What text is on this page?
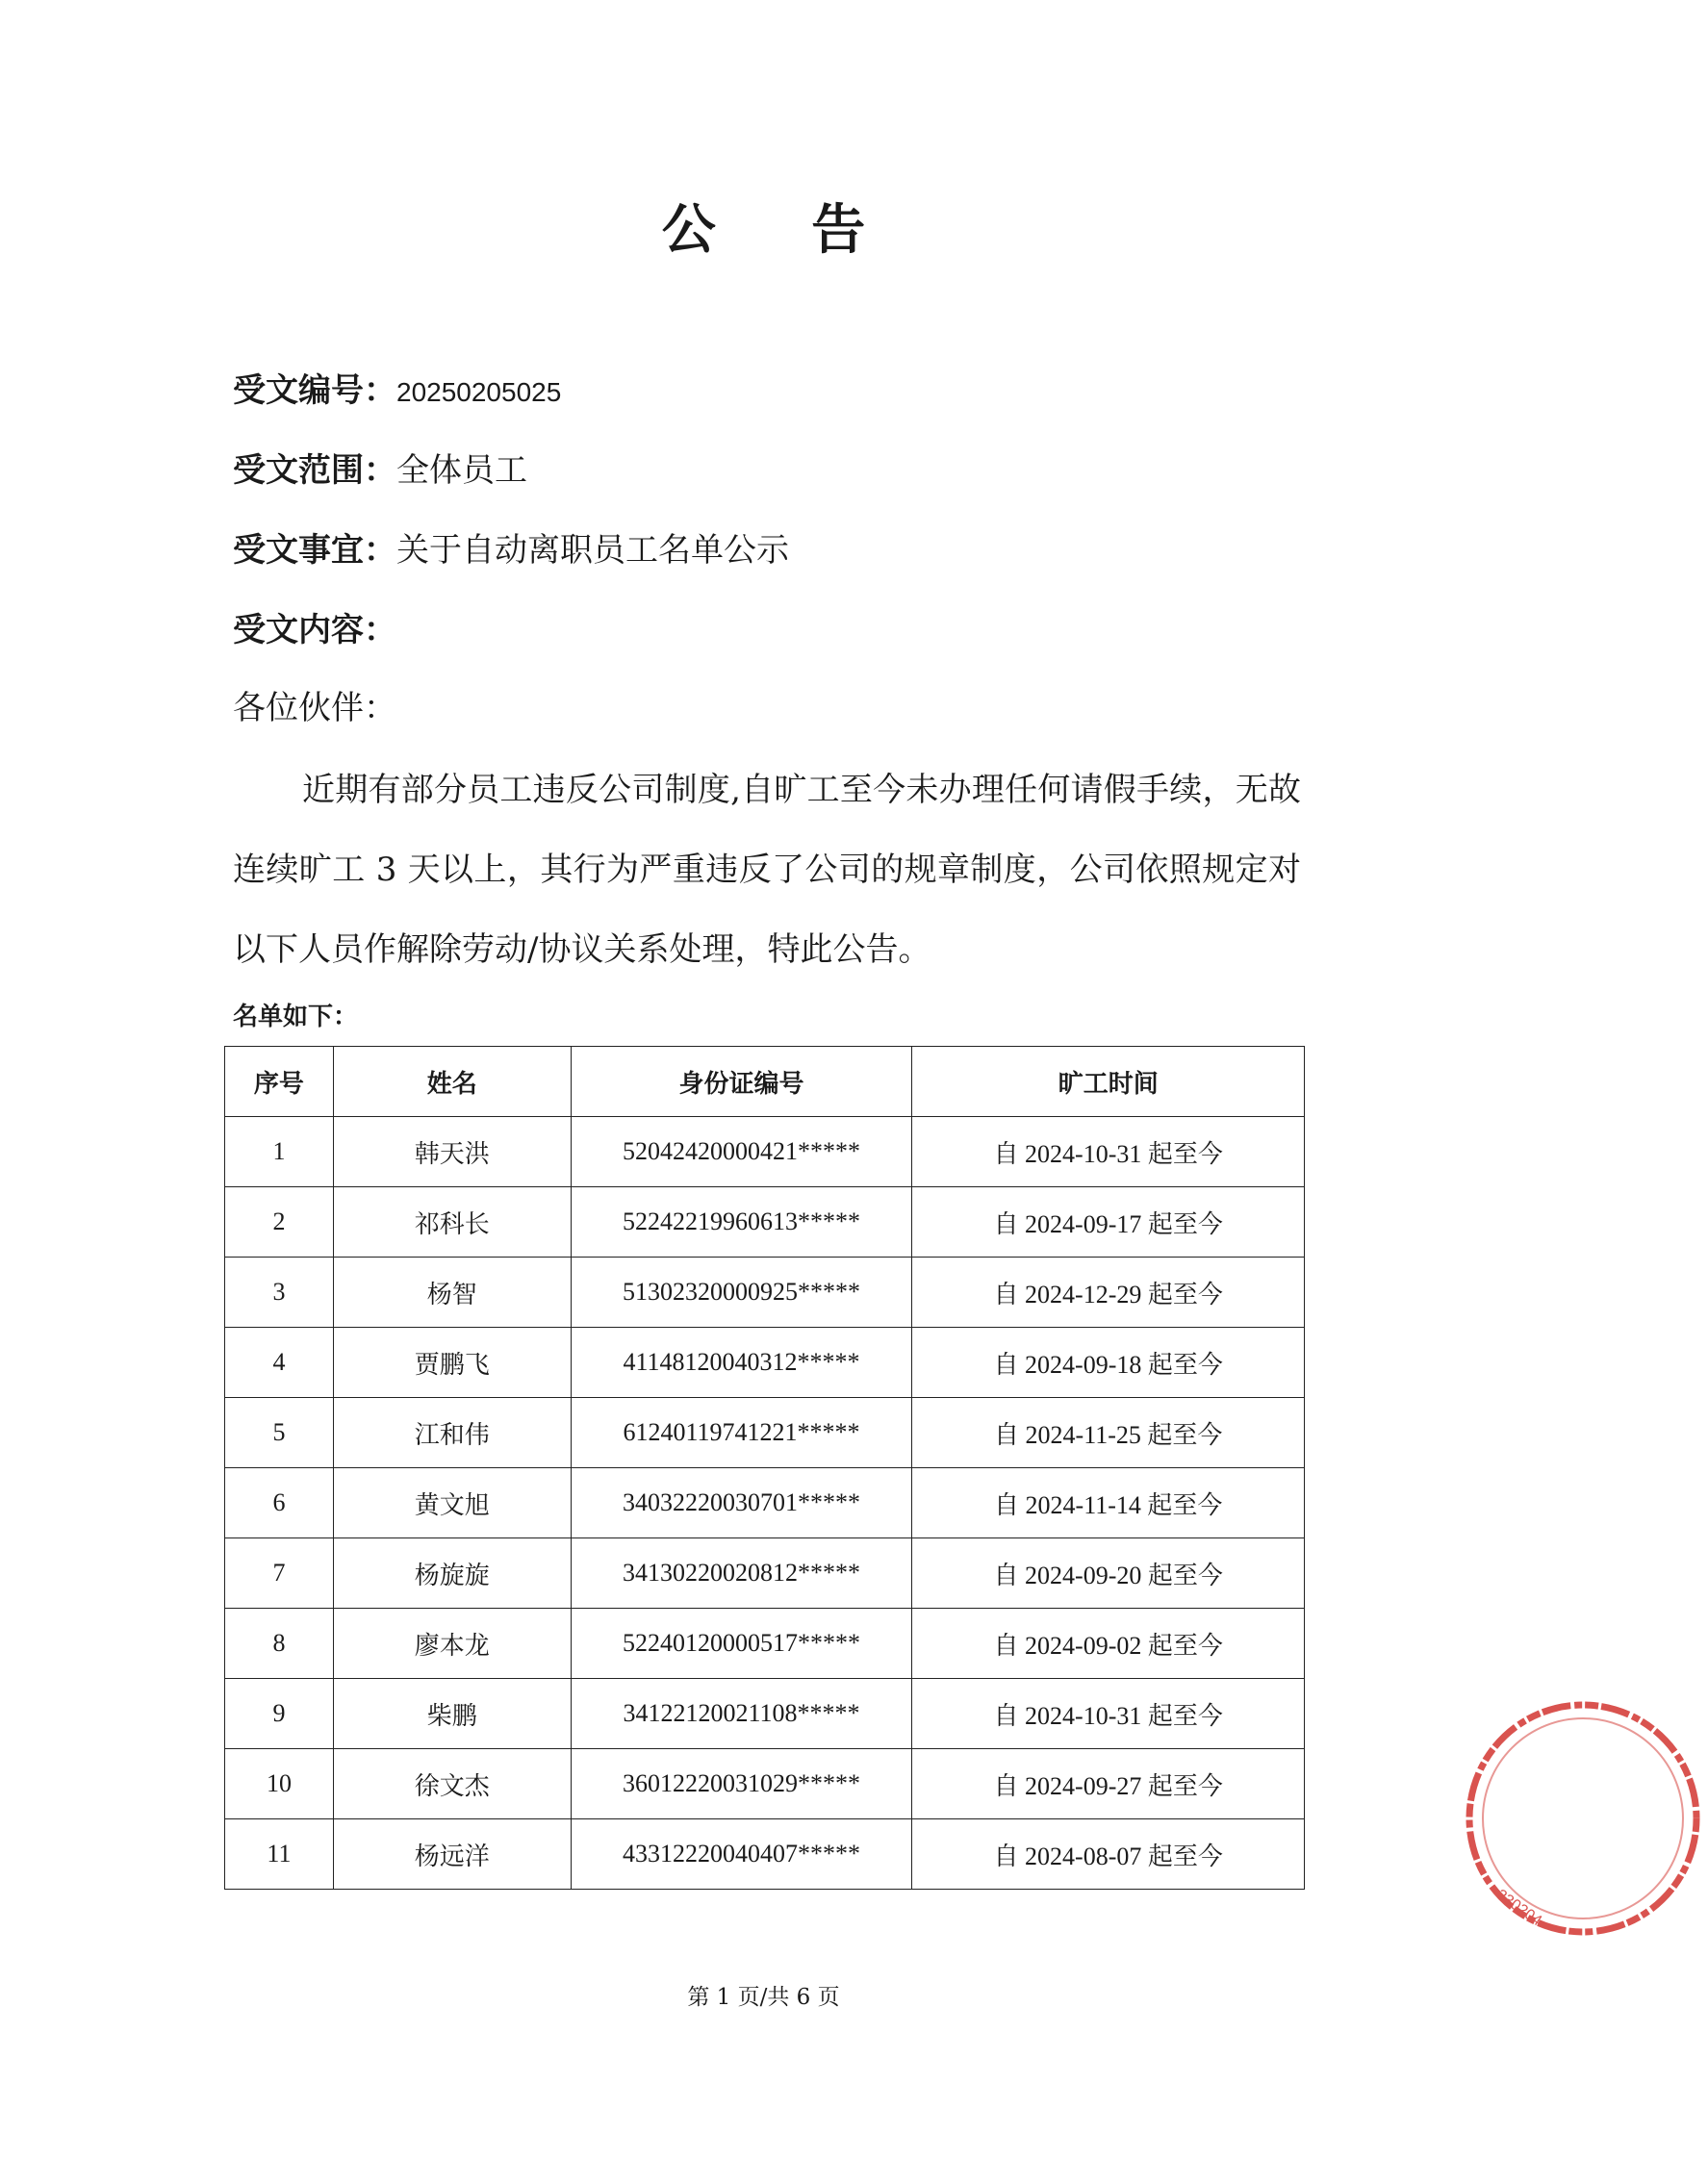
公 告
受文编号：20250205025
受文范围：全体员工
受文事宜：关于自动离职员工名单公示
受文内容：
各位伙伴：

近期有部分员工违反公司制度,自旷工至今未办理任何请假手续，无故连续旷工 3 天以上，其行为严重违反了公司的规章制度，公司依照规定对以下人员作解除劳动/协议关系处理，特此公告。

名单如下：
序号	姓名	身份证编号	旷工时间
1	韩天洪	52042420000421*****	自 2024-10-31 起至今
2	祁科长	52242219960613*****	自 2024-09-17 起至今
3	杨智	51302320000925*****	自 2024-12-29 起至今
4	贾鹏飞	41148120040312*****	自 2024-09-18 起至今
5	江和伟	61240119741221*****	自 2024-11-25 起至今
6	黄文旭	34032220030701*****	自 2024-11-14 起至今
7	杨旋旋	34130220020812*****	自 2024-09-20 起至今
8	廖本龙	52240120000517*****	自 2024-09-02 起至今
9	柴鹏	34122120021108*****	自 2024-10-31 起至今
10	徐文杰	36012220031029*****	自 2024-09-27 起至今
11	杨远洋	43312220040407*****	自 2024-08-07 起至今
第 1 页/共 6 页
330204
